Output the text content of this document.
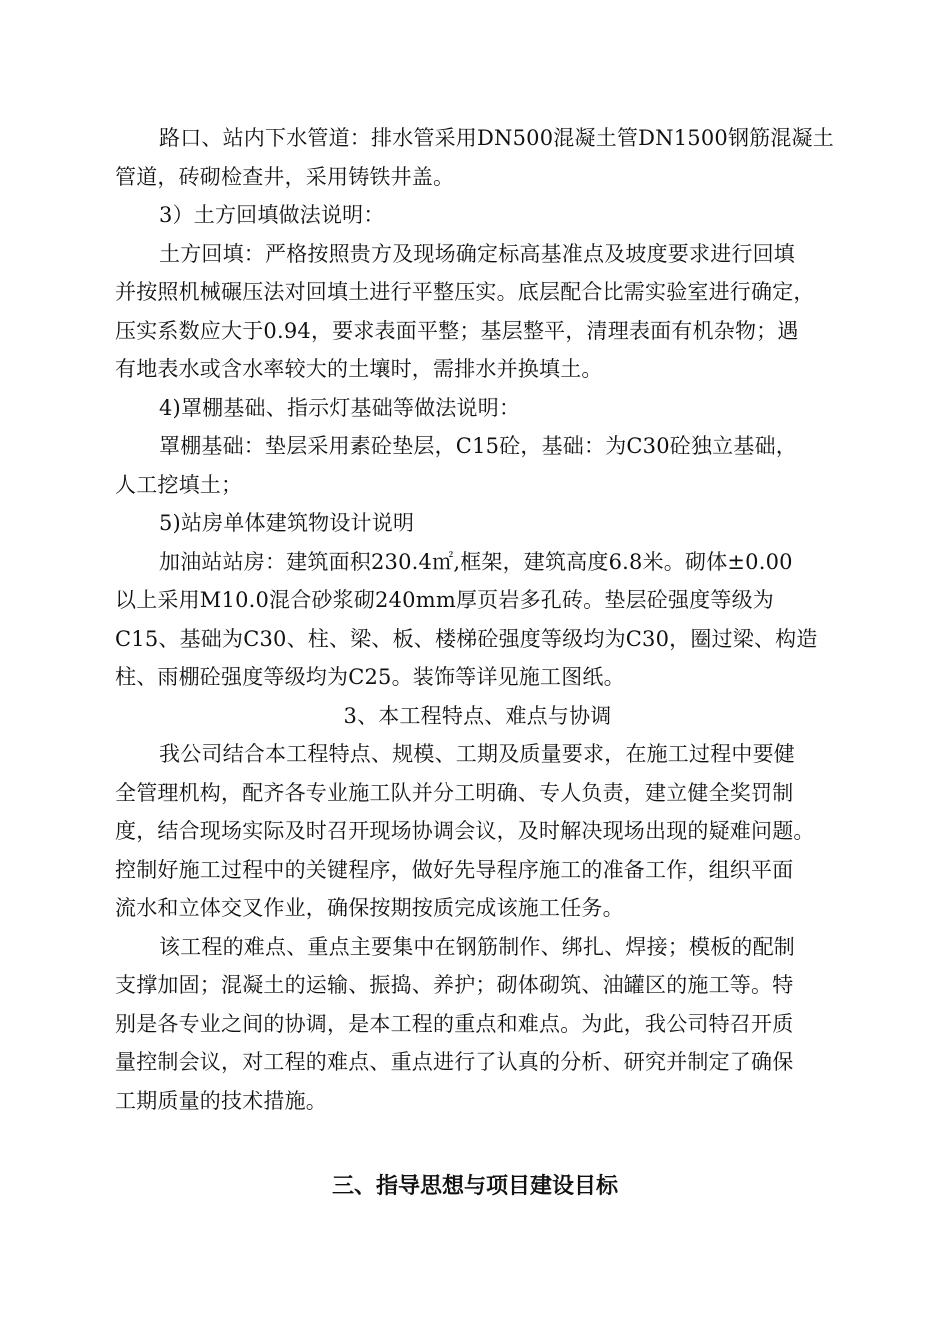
路口、站内下水管道：排水管采用DN500混凝土管DN1500钢筋混凝土
管道，砖砌检查井，采用铸铁井盖。
3）土方回填做法说明：
土方回填：严格按照贵方及现场确定标高基准点及坡度要求进行回填
并按照机械碾压法对回填土进行平整压实。底层配合比需实验室进行确定，
压实系数应大于0.94，要求表面平整；基层整平，清理表面有机杂物；遇
有地表水或含水率较大的土壤时，需排水并换填土。
4)罩棚基础、指示灯基础等做法说明：
罩棚基础：垫层采用素砼垫层，C15砼，基础：为C30砼独立基础，
人工挖填土；
5)站房单体建筑物设计说明
加油站站房：建筑面积230.4㎡,框架，建筑高度6.8米。砌体±0.00
以上采用M10.0混合砂浆砌240mm厚页岩多孔砖。垫层砼强度等级为
C15、基础为C30、柱、梁、板、楼梯砼强度等级均为C30，圈过梁、构造
柱、雨棚砼强度等级均为C25。装饰等详见施工图纸。
3、本工程特点、难点与协调
我公司结合本工程特点、规模、工期及质量要求，在施工过程中要健
全管理机构，配齐各专业施工队并分工明确、专人负责，建立健全奖罚制
度，结合现场实际及时召开现场协调会议，及时解决现场出现的疑难问题。
控制好施工过程中的关键程序，做好先导程序施工的准备工作，组织平面
流水和立体交叉作业，确保按期按质完成该施工任务。
该工程的难点、重点主要集中在钢筋制作、绑扎、焊接；模板的配制
支撑加固；混凝土的运输、振捣、养护；砌体砌筑、油罐区的施工等。特
别是各专业之间的协调，是本工程的重点和难点。为此，我公司特召开质
量控制会议，对工程的难点、重点进行了认真的分析、研究并制定了确保
工期质量的技术措施。
三、指导思想与项目建设目标
